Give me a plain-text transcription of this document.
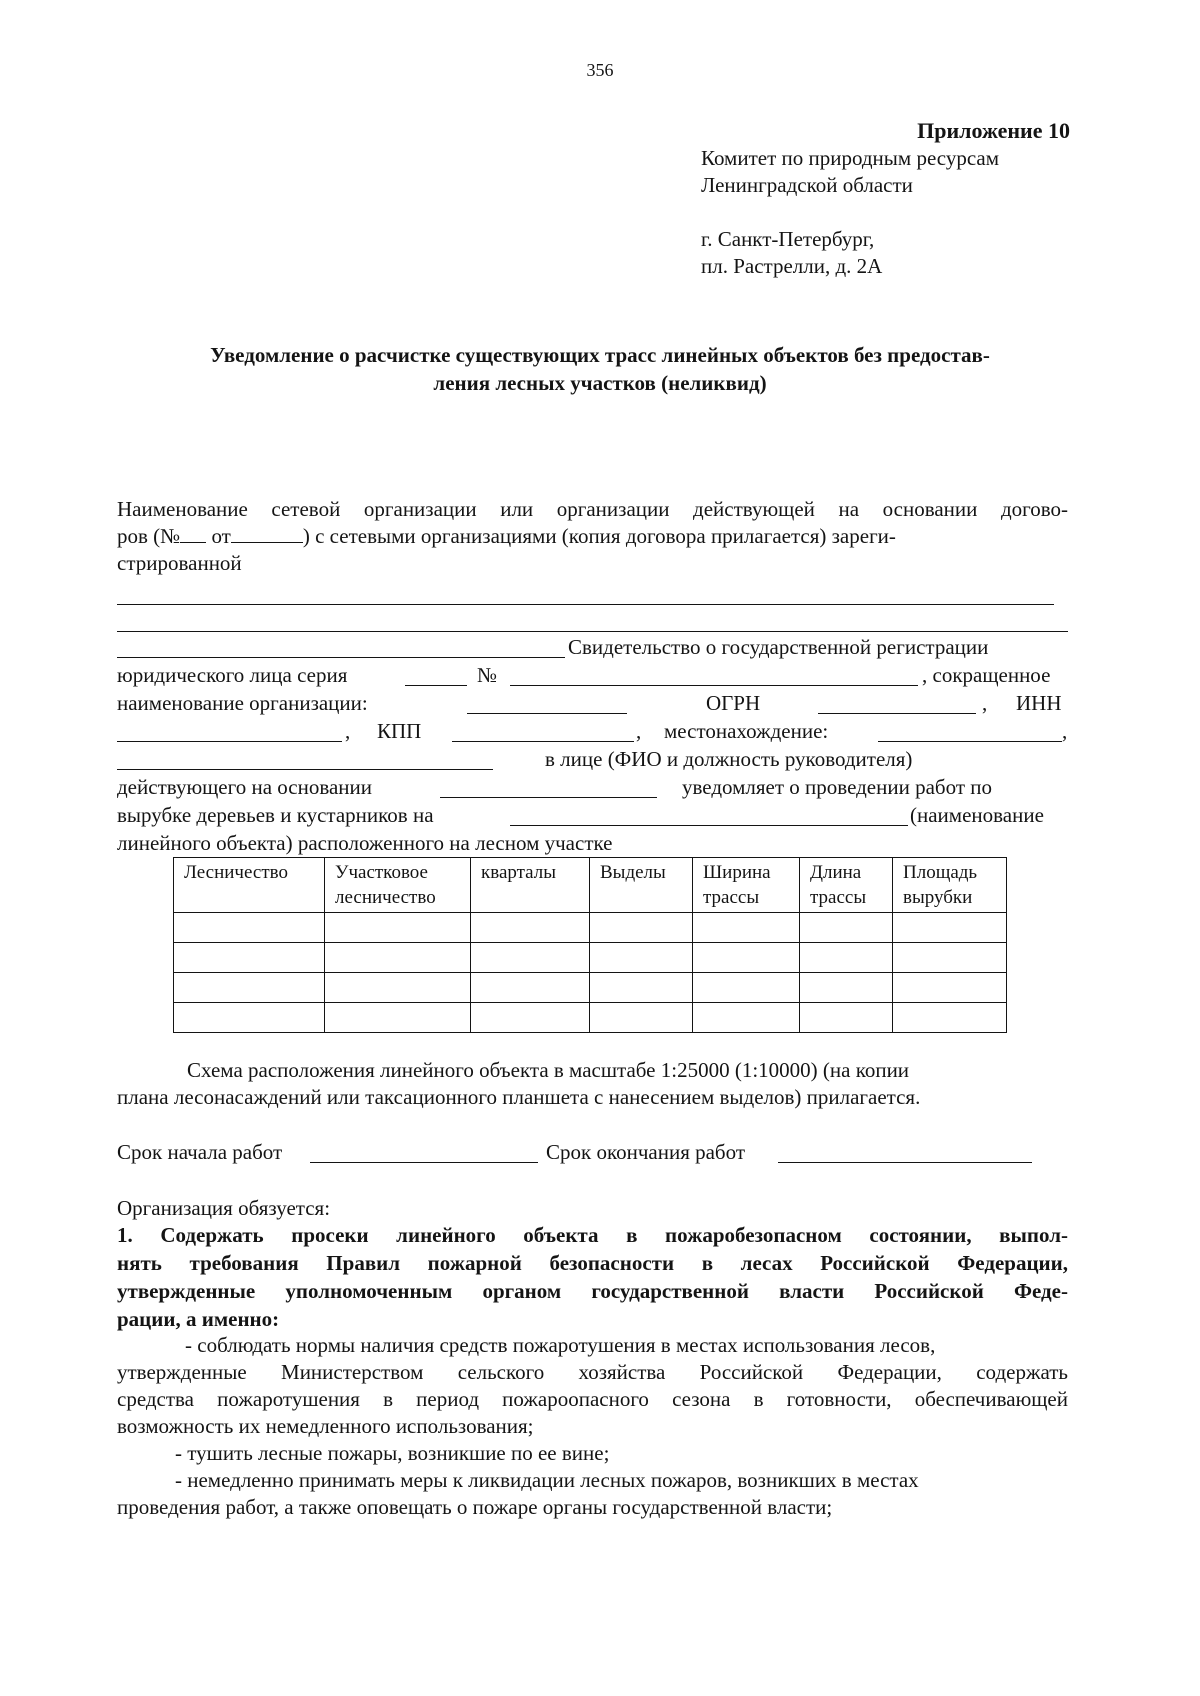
356
Приложение 10
Комитет по природным ресурсам
Ленинградской области
г. Санкт-Петербург,
пл. Растрелли, д. 2А
Уведомление о расчистке существующих трасс линейных объектов без предостав-
ления лесных участков (неликвид)
Наименование сетевой организации или организации действующей на основании догово-
ров (№ от	) с сетевыми организациями (копия договора прилагается) зареги-
стрированной
Свидетельство о государственной регистрации
юридического лица серия	№	, сокращенное
наименование организации:	ОГРН	, ИНН
, КПП	, местонахождение:	,
в лице (ФИО и должность руководителя)
действующего на основании	уведомляет о проведении работ по
вырубке деревьев и кустарников на	(наименование
линейного объекта) расположенного на лесном участке
Лесничество	Участковое лесничество	кварталы	Выделы	Ширина трассы	Длина трассы	Площадь вырубки

Схема расположения линейного объекта в масштабе 1:25000 (1:10000) (на копии
плана лесонасаждений или таксационного планшета с нанесением выделов) прилагается.
Срок начала работ	Срок окончания работ
Организация обязуется:
1. Содержать просеки линейного объекта в пожаробезопасном состоянии, выпол-
нять требования Правил пожарной безопасности в лесах Российской Федерации,
утвержденные уполномоченным органом государственной власти Российской Феде-
рации, а именно:
- соблюдать нормы наличия средств пожаротушения в местах использования лесов,
утвержденные Министерством сельского хозяйства Российской Федерации, содержать
средства пожаротушения в период пожароопасного сезона в готовности, обеспечивающей
возможность их немедленного использования;
- тушить лесные пожары, возникшие по ее вине;
- немедленно принимать меры к ликвидации лесных пожаров, возникших в местах
проведения работ, а также оповещать о пожаре органы государственной власти;
